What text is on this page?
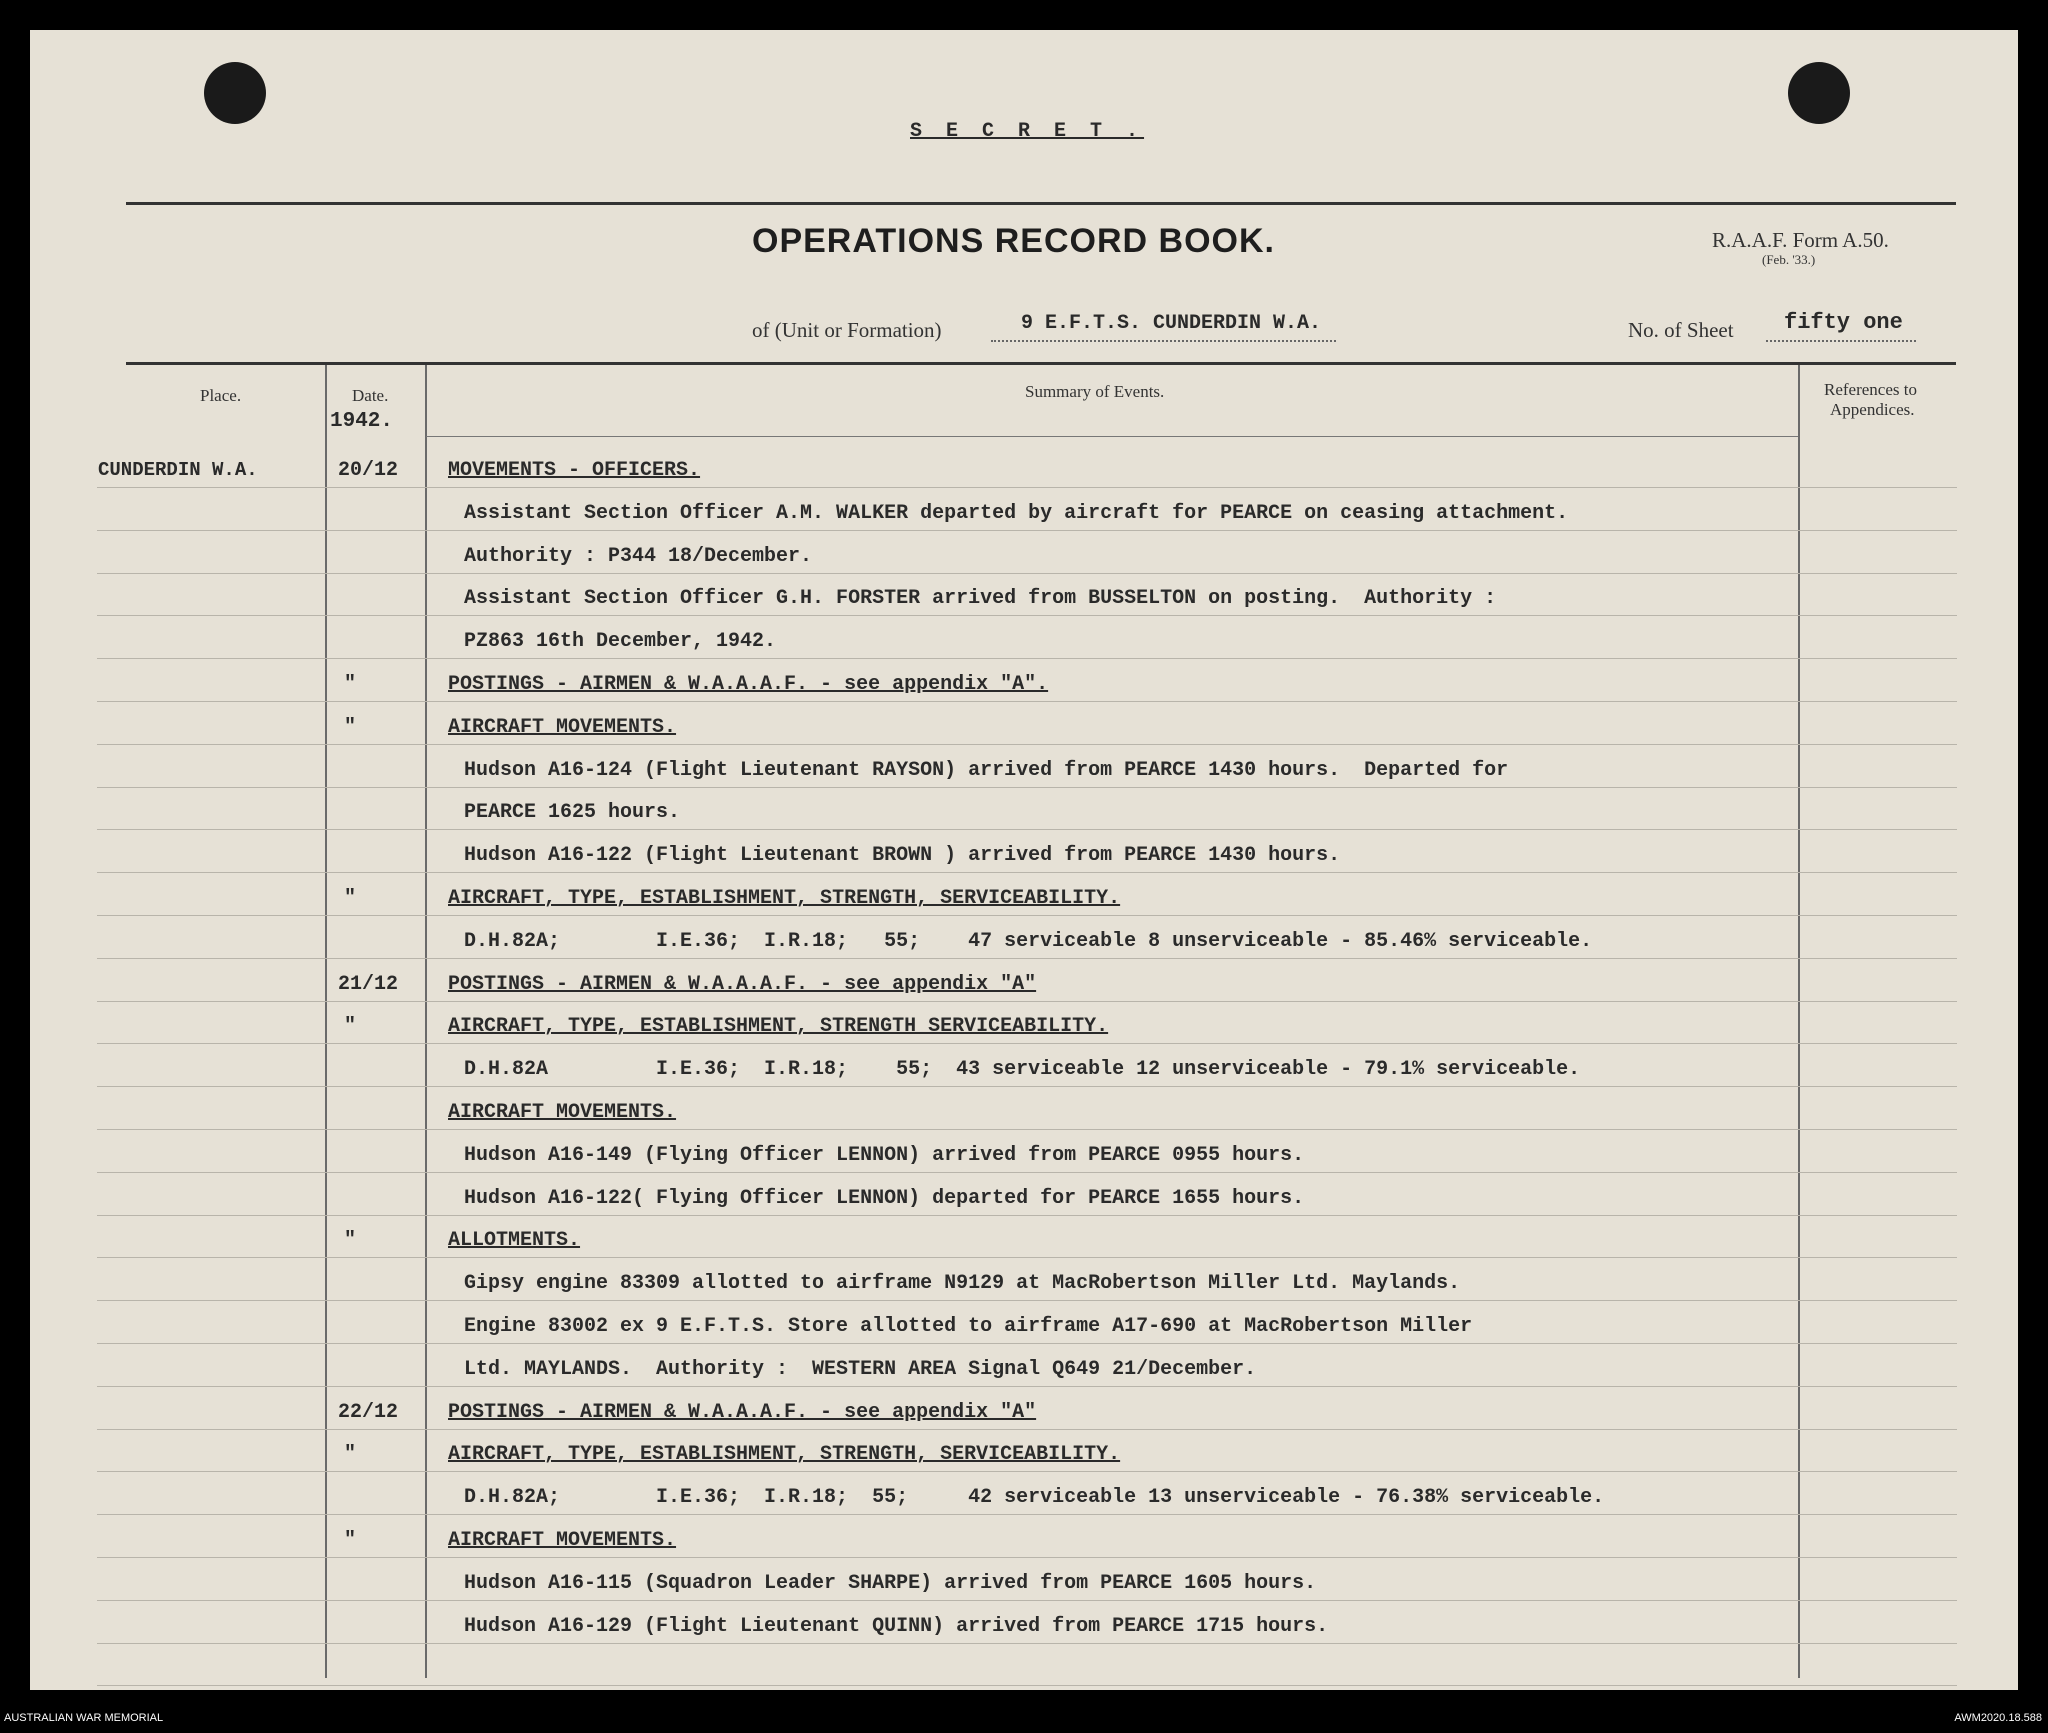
S E C R E T .
OPERATIONS RECORD BOOK.	R.A.A.F. Form A.50.
(Feb. '33.)
of (Unit or Formation)	9 E.F.T.S. CUNDERDIN W.A.	No. of Sheet fifty one
Place.	Date.
1942.
Summary of Events.	References to
Appendices.
CUNDERDIN W.A.	20/12 MOVEMENTS - OFFICERS.
Assistant Section Officer A.M. WALKER departed by aircraft for PEARCE on ceasing attachment.
Authority : P344 18/December.
Assistant Section Officer G.H. FORSTER arrived from BUSSELTON on posting.  Authority :
PZ863 16th December, 1942.
"	POSTINGS - AIRMEN & W.A.A.A.F. - see appendix "A".
"	AIRCRAFT MOVEMENTS.
Hudson A16-124 (Flight Lieutenant RAYSON) arrived from PEARCE 1430 hours.  Departed for
PEARCE 1625 hours.
Hudson A16-122 (Flight Lieutenant BROWN ) arrived from PEARCE 1430 hours.
"	AIRCRAFT, TYPE, ESTABLISHMENT, STRENGTH, SERVICEABILITY.
D.H.82A;        I.E.36;  I.R.18;   55;    47 serviceable 8 unserviceable - 85.46% serviceable.
21/12 POSTINGS - AIRMEN & W.A.A.A.F. - see appendix "A"
"	AIRCRAFT, TYPE, ESTABLISHMENT, STRENGTH SERVICEABILITY.
D.H.82A         I.E.36;  I.R.18;    55;  43 serviceable 12 unserviceable - 79.1% serviceable.
AIRCRAFT MOVEMENTS.
Hudson A16-149 (Flying Officer LENNON) arrived from PEARCE 0955 hours.
Hudson A16-122( Flying Officer LENNON) departed for PEARCE 1655 hours.
"	ALLOTMENTS.
Gipsy engine 83309 allotted to airframe N9129 at MacRobertson Miller Ltd. Maylands.
Engine 83002 ex 9 E.F.T.S. Store allotted to airframe A17-690 at MacRobertson Miller
Ltd. MAYLANDS.  Authority :  WESTERN AREA Signal Q649 21/December.
22/12 POSTINGS - AIRMEN & W.A.A.A.F. - see appendix "A"
"	AIRCRAFT, TYPE, ESTABLISHMENT, STRENGTH, SERVICEABILITY.
D.H.82A;        I.E.36;  I.R.18;  55;     42 serviceable 13 unserviceable - 76.38% serviceable.
"	AIRCRAFT MOVEMENTS.
Hudson A16-115 (Squadron Leader SHARPE) arrived from PEARCE 1605 hours.
Hudson A16-129 (Flight Lieutenant QUINN) arrived from PEARCE 1715 hours.
AUSTRALIAN WAR MEMORIAL	AWM2020.18.588
